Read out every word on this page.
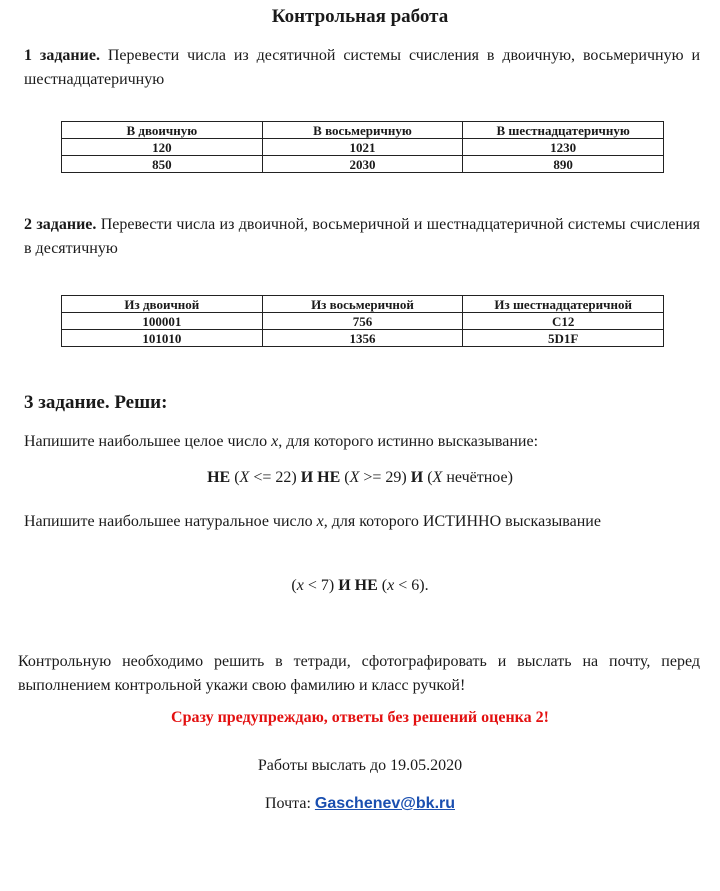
Контрольная работа
1 задание. Перевести числа из десятичной системы счисления в двоичную, восьмеричную и шестнадцатеричную
В двоичную	В восьмеричную	В шестнадцатеричную
120	1021	1230
850	2030	890
2 задание. Перевести числа из двоичной, восьмеричной и шестнадцатеричной системы счисления в десятичную
Из двоичной	Из восьмеричной	Из шестнадцатеричной
100001	756	C12
101010	1356	5D1F
3 задание. Реши:
Напишите наибольшее целое число x, для которого истинно высказывание:
НЕ (X <= 22) И НЕ (X >= 29) И (X нечётное)
Напишите наибольшее натуральное число x, для которого ИСТИННО высказывание
(x < 7) И НЕ (x < 6).
Контрольную необходимо решить в тетради, сфотографировать и выслать на почту, перед выполнением контрольной укажи свою фамилию и класс ручкой!
Сразу предупреждаю, ответы без решений оценка 2!
Работы выслать до 19.05.2020
Почта: Gaschenev@bk.ru
